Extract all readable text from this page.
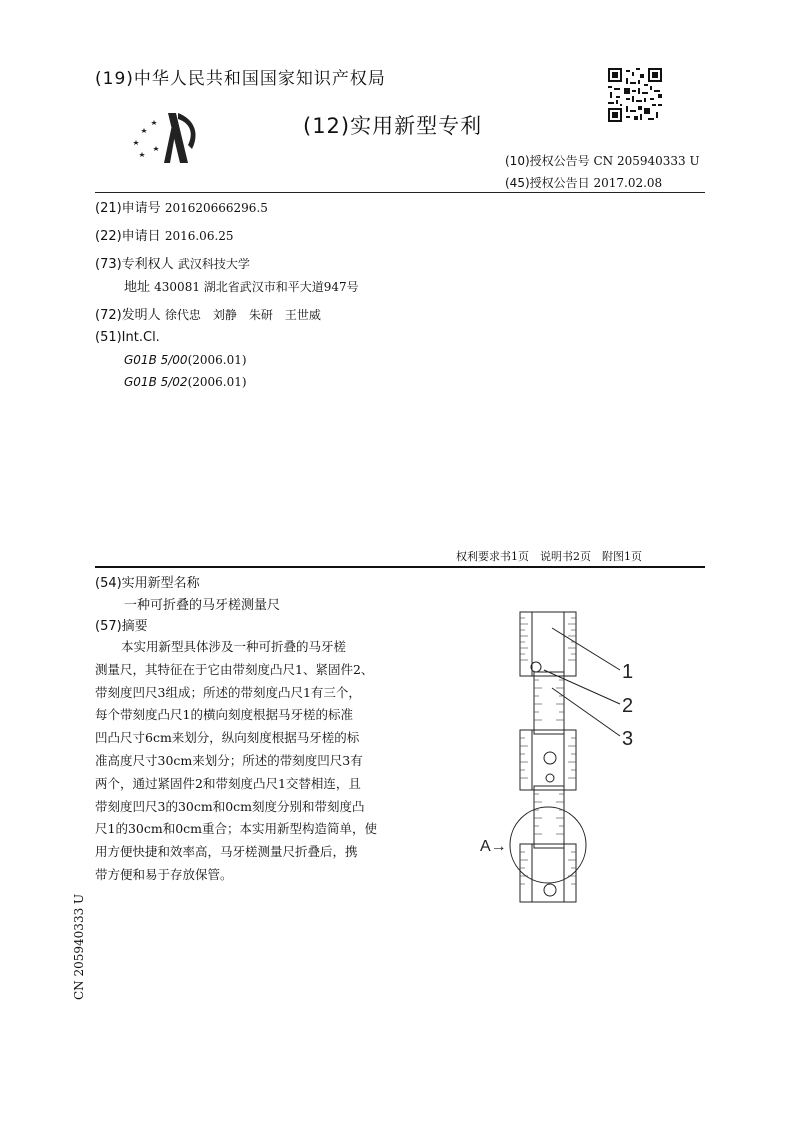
(19)中华人民共和国国家知识产权局
(12)实用新型专利
(10)授权公告号 CN 205940333 U
(45)授权公告日 2017.02.08
(21)申请号 201620666296.5
(22)申请日 2016.06.25
(73)专利权人 武汉科技大学
地址 430081 湖北省武汉市和平大道947号
(72)发明人 徐代忠　刘静　朱研　王世威
(51)Int.Cl.
G01B 5/00(2006.01)
G01B 5/02(2006.01)
权利要求书1页　说明书2页　附图1页
(54)实用新型名称
一种可折叠的马牙槎测量尺
(57)摘要

本实用新型具体涉及一种可折叠的马牙槎

测量尺，其特征在于它由带刻度凸尺1、紧固件2、

带刻度凹尺3组成；所述的带刻度凸尺1有三个，

每个带刻度凸尺1的横向刻度根据马牙槎的标准

凹凸尺寸6cm来划分，纵向刻度根据马牙槎的标

准高度尺寸30cm来划分；所述的带刻度凹尺3有

两个，通过紧固件2和带刻度凸尺1交替相连，且

带刻度凹尺3的30cm和0cm刻度分别和带刻度凸

尺1的30cm和0cm重合；本实用新型构造简单，使

用方便快捷和效率高，马牙槎测量尺折叠后，携

带方便和易于存放保管。

1
2
3
A→
CN 205940333 U
